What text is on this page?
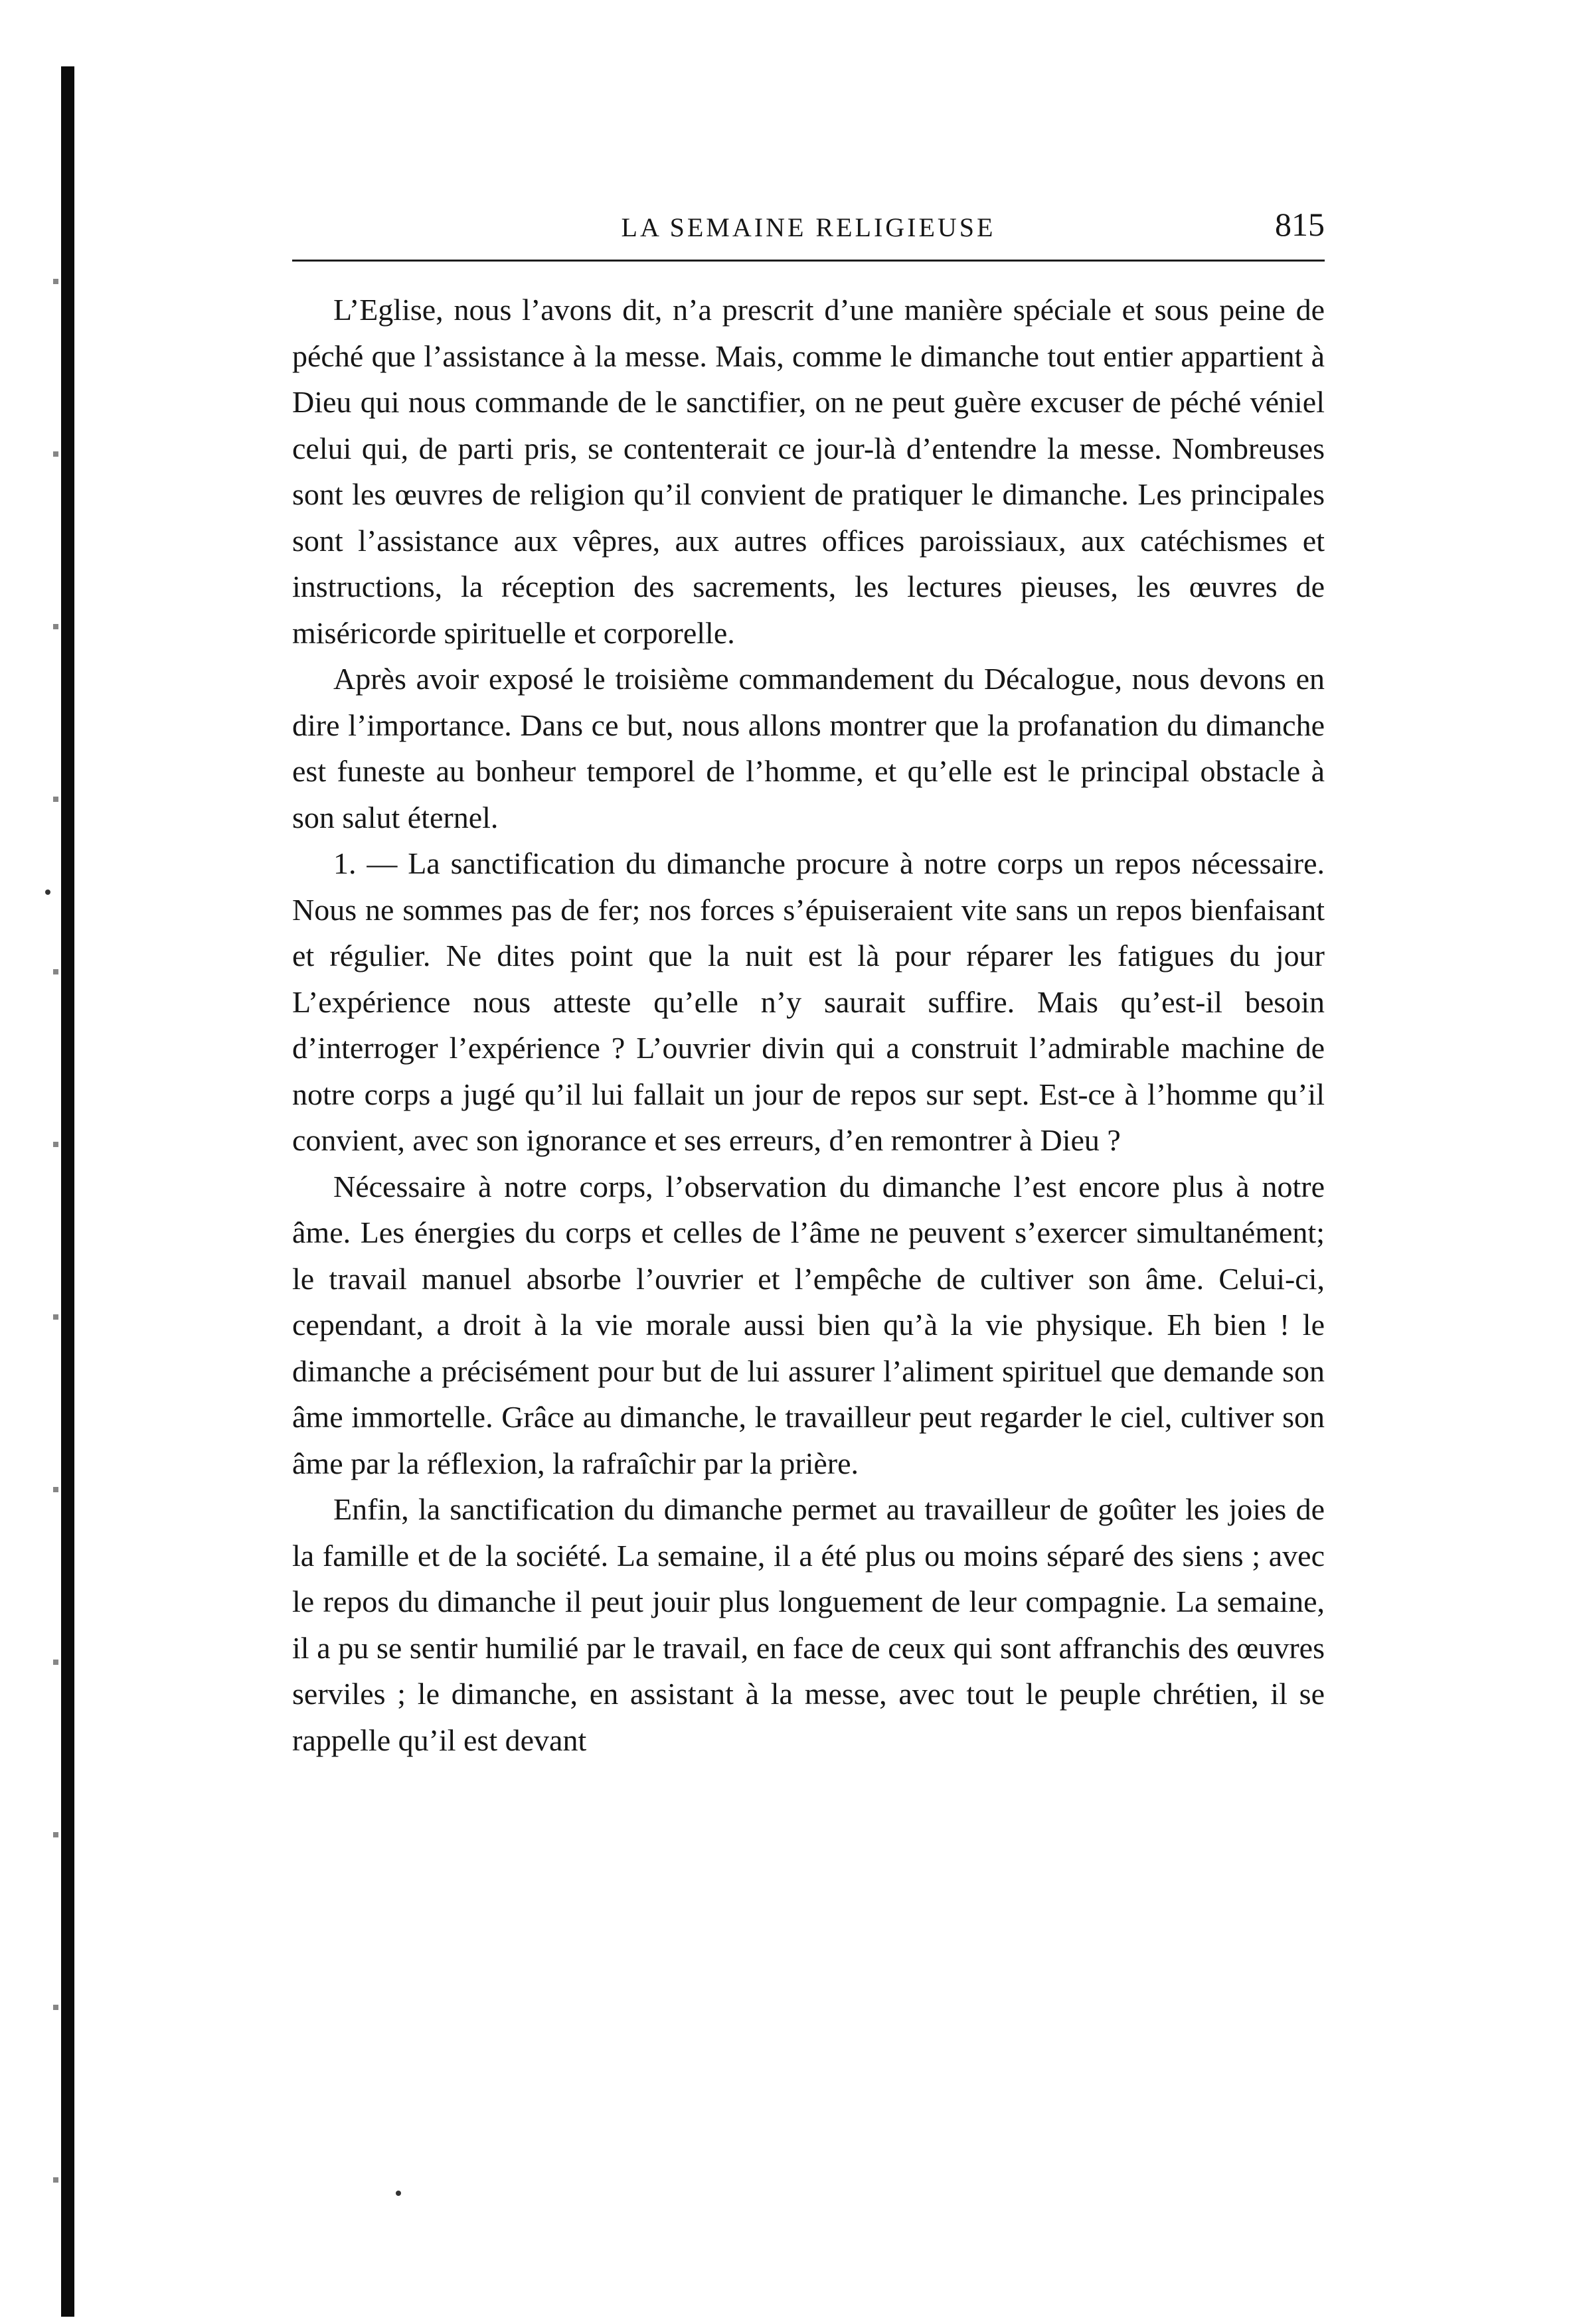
LA SEMAINE RELIGIEUSE	815

L’Eglise, nous l’avons dit, n’a prescrit d’une manière spéciale et sous peine de péché que l’assistance à la messe. Mais, comme le dimanche tout entier appartient à Dieu qui nous commande de le sanctifier, on ne peut guère excuser de péché véniel celui qui, de parti pris, se contenterait ce jour-là d’entendre la messe. Nombreuses sont les œuvres de religion qu’il convient de pratiquer le dimanche. Les principales sont l’assistance aux vêpres, aux autres offices paroissiaux, aux catéchismes et instructions, la réception des sacrements, les lectures pieuses, les œuvres de miséricorde spirituelle et corporelle.

Après avoir exposé le troisième commandement du Décalogue, nous devons en dire l’importance. Dans ce but, nous allons montrer que la profanation du dimanche est funeste au bonheur temporel de l’homme, et qu’elle est le principal obstacle à son salut éternel.

1. — La sanctification du dimanche procure à notre corps un repos nécessaire. Nous ne sommes pas de fer; nos forces s’épuiseraient vite sans un repos bienfaisant et régulier. Ne dites point que la nuit est là pour réparer les fatigues du jour L’expérience nous atteste qu’elle n’y saurait suffire. Mais qu’est-il besoin d’interroger l’expérience ? L’ouvrier divin qui a construit l’admirable machine de notre corps a jugé qu’il lui fallait un jour de repos sur sept. Est-ce à l’homme qu’il convient, avec son ignorance et ses erreurs, d’en remontrer à Dieu ?

Nécessaire à notre corps, l’observation du dimanche l’est encore plus à notre âme. Les énergies du corps et celles de l’âme ne peuvent s’exercer simultanément; le travail manuel absorbe l’ouvrier et l’empêche de cultiver son âme. Celui-ci, cependant, a droit à la vie morale aussi bien qu’à la vie physique. Eh bien ! le dimanche a précisément pour but de lui assurer l’aliment spirituel que demande son âme immortelle. Grâce au dimanche, le travailleur peut regarder le ciel, cultiver son âme par la réflexion, la rafraîchir par la prière.

Enfin, la sanctification du dimanche permet au travailleur de goûter les joies de la famille et de la société. La semaine, il a été plus ou moins séparé des siens ; avec le repos du dimanche il peut jouir plus longuement de leur compagnie. La semaine, il a pu se sentir humilié par le travail, en face de ceux qui sont affranchis des œuvres serviles ; le dimanche, en assistant à la messe, avec tout le peuple chrétien, il se rappelle qu’il est devant
